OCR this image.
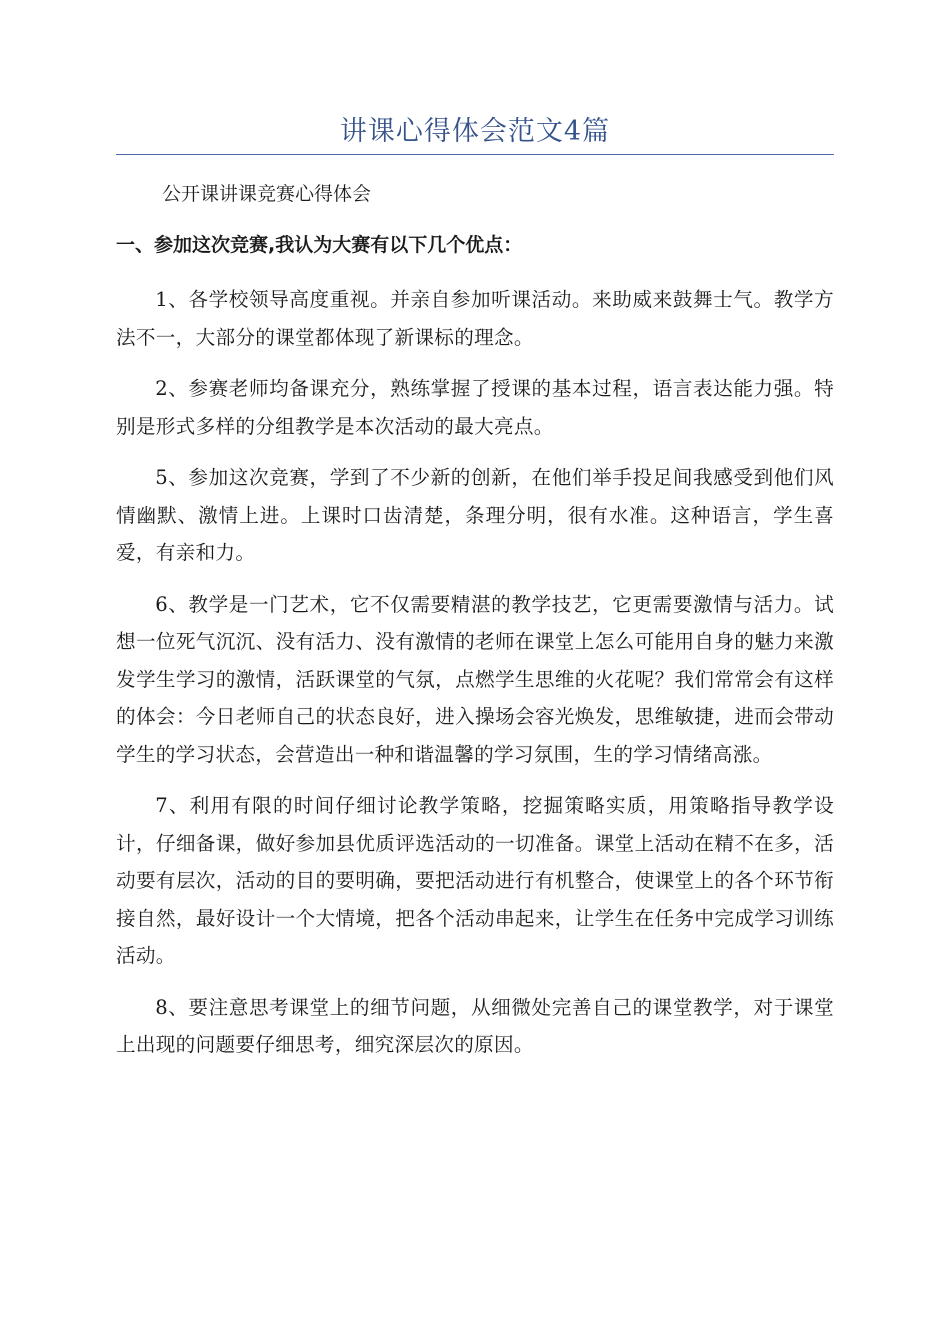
讲课心得体会范文4篇
公开课讲课竞赛心得体会
一、参加这次竞赛,我认为大赛有以下几个优点：

1、各学校领导高度重视。并亲自参加听课活动。来助威来鼓舞士气。教学方法不一，大部分的课堂都体现了新课标的理念。

2、参赛老师均备课充分，熟练掌握了授课的基本过程，语言表达能力强。特别是形式多样的分组教学是本次活动的最大亮点。

5、参加这次竞赛，学到了不少新的创新，在他们举手投足间我感受到他们风情幽默、激情上进。上课时口齿清楚，条理分明，很有水准。这种语言，学生喜爱，有亲和力。

6、教学是一门艺术，它不仅需要精湛的教学技艺，它更需要激情与活力。试想一位死气沉沉、没有活力、没有激情的老师在课堂上怎么可能用自身的魅力来激发学生学习的激情，活跃课堂的气氛，点燃学生思维的火花呢？我们常常会有这样的体会：今日老师自己的状态良好，进入操场会容光焕发，思维敏捷，进而会带动学生的学习状态，会营造出一种和谐温馨的学习氛围，生的学习情绪高涨。

7、利用有限的时间仔细讨论教学策略，挖掘策略实质，用策略指导教学设计，仔细备课，做好参加县优质评选活动的一切准备。课堂上活动在精不在多，活动要有层次，活动的目的要明确，要把活动进行有机整合，使课堂上的各个环节衔接自然，最好设计一个大情境，把各个活动串起来，让学生在任务中完成学习训练活动。

8、要注意思考课堂上的细节问题，从细微处完善自己的课堂教学，对于课堂上出现的问题要仔细思考，细究深层次的原因。
